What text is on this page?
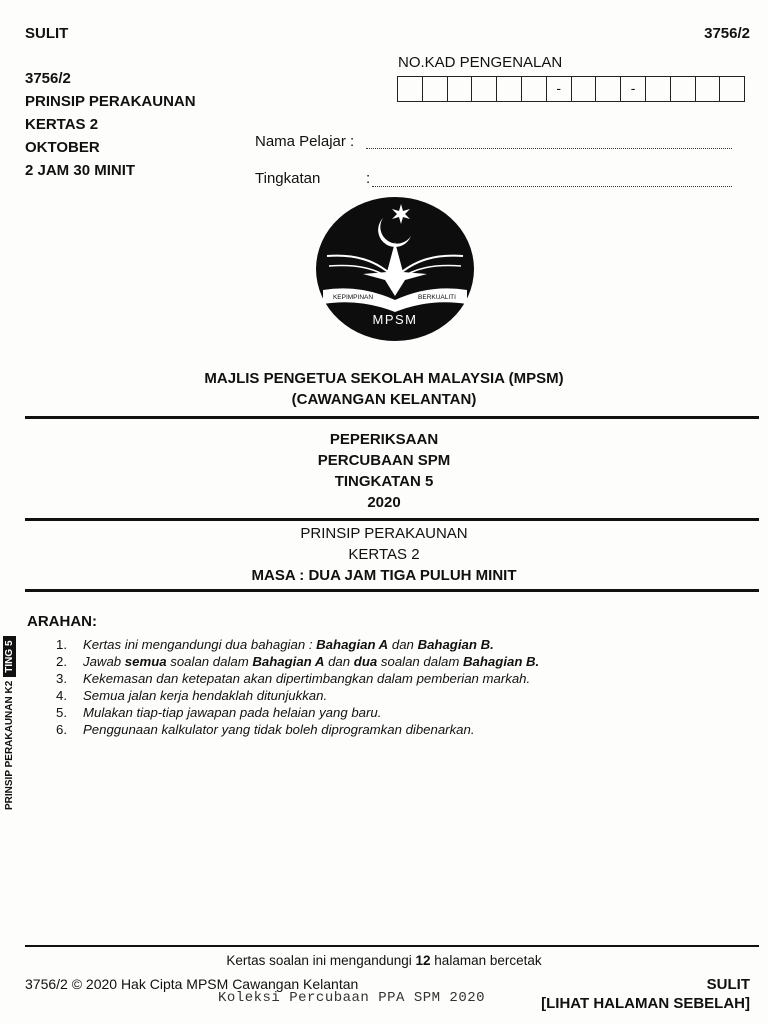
SULIT	3756/2
3756/2
PRINSIP PERAKAUNAN
KERTAS 2
OKTOBER
2 JAM 30 MINIT
NO.KAD PENGENALAN
-	-
Nama Pelajar :
Tingkatan	:
KEPIMPINAN	BERKUALITI
MPSM
MAJLIS PENGETUA SEKOLAH MALAYSIA (MPSM)
(CAWANGAN KELANTAN)
PEPERIKSAAN
PERCUBAAN SPM
TINGKATAN 5
2020
PRINSIP PERAKAUNAN
KERTAS 2
MASA : DUA JAM TIGA PULUH MINIT
ARAHAN:
1.	Kertas ini mengandungi dua bahagian : Bahagian A dan Bahagian B.
2.	Jawab semua soalan dalam Bahagian A dan dua soalan dalam Bahagian B.
3.	Kekemasan dan ketepatan akan dipertimbangkan dalam pemberian markah.
4.	Semua jalan kerja hendaklah ditunjukkan.
5.	Mulakan tiap-tiap jawapan pada helaian yang baru.
6.	Penggunaan kalkulator yang tidak boleh diprogramkan dibenarkan.
PRINSIP PERAKAUNAN K2TING 5
Kertas soalan ini mengandungi 12 halaman bercetak
3756/2 © 2020 Hak Cipta MPSM Cawangan Kelantan
Koleksi Percubaan PPA SPM 2020
SULIT
[LIHAT HALAMAN SEBELAH]
